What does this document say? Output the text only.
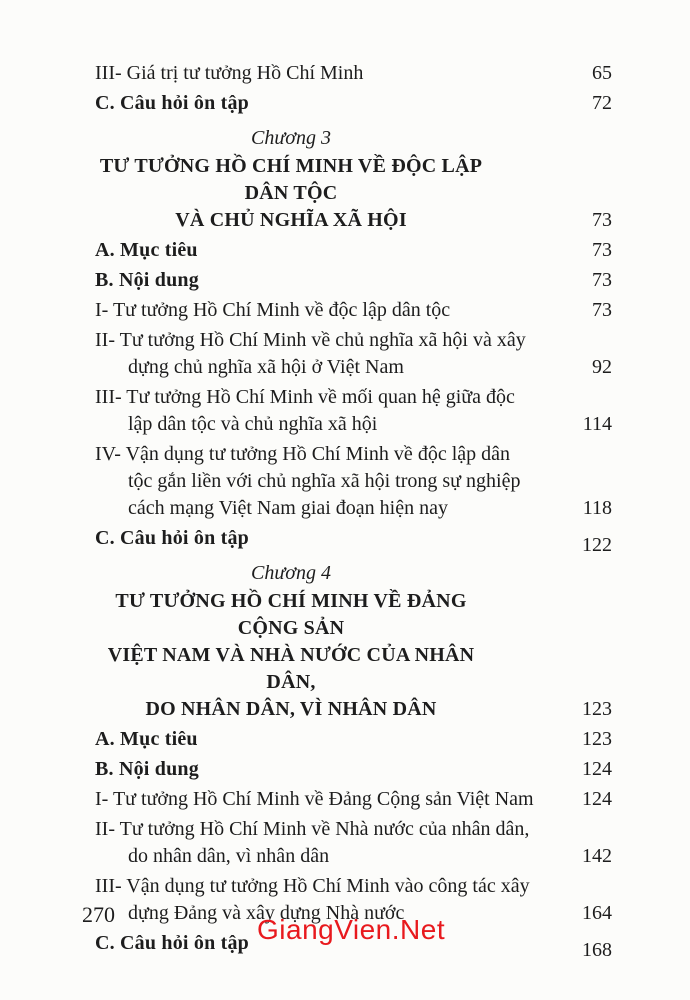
III- Giá trị tư tưởng Hồ Chí Minh	65
C. Câu hỏi ôn tập	72
Chương 3
TƯ TƯỞNG HỒ CHÍ MINH VỀ ĐỘC LẬP DÂN TỘC
VÀ CHỦ NGHĨA XÃ HỘI	73
A. Mục tiêu	73
B. Nội dung	73
I- Tư tưởng Hồ Chí Minh về độc lập dân tộc	73
II- Tư tưởng Hồ Chí Minh về chủ nghĩa xã hội và xây
dựng chủ nghĩa xã hội ở Việt Nam	92
III- Tư tưởng Hồ Chí Minh về mối quan hệ giữa độc
lập dân tộc và chủ nghĩa xã hội	114
IV- Vận dụng tư tưởng Hồ Chí Minh về độc lập dân
tộc gắn liền với chủ nghĩa xã hội trong sự nghiệp
cách mạng Việt Nam giai đoạn hiện nay	118
C. Câu hỏi ôn tập	122
Chương 4
TƯ TƯỞNG HỒ CHÍ MINH VỀ ĐẢNG CỘNG SẢN
VIỆT NAM VÀ NHÀ NƯỚC CỦA NHÂN DÂN,
DO NHÂN DÂN, VÌ NHÂN DÂN	123
A. Mục tiêu	123
B. Nội dung	124
I- Tư tưởng Hồ Chí Minh về Đảng Cộng sản Việt Nam	124
II- Tư tưởng Hồ Chí Minh về Nhà nước của nhân dân,
do nhân dân, vì nhân dân	142
III- Vận dụng tư tưởng Hồ Chí Minh vào công tác xây
dựng Đảng và xây dựng Nhà nước	164
C. Câu hỏi ôn tập	168
270	GiangVien.Net
